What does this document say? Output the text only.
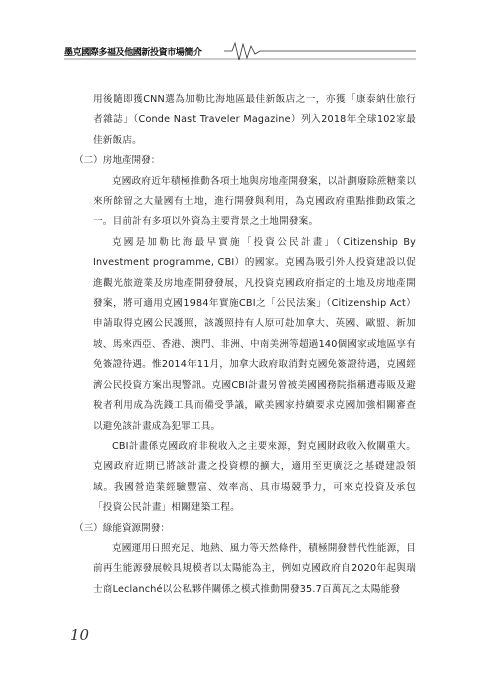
墨克國際多福及他國新投資市場簡介

用後隨即獲CNN選為加勒比海地區最佳新飯店之一，亦獲「康泰納仕旅行者雜誌」（Conde Nast Traveler Magazine）列入2018年全球102家最佳新飯店。

（二）房地產開發：

克國政府近年積極推動各項土地與房地產開發案，以計劃廢除蔗糖業以來所餘留之大量國有土地，進行開發與利用，為克國政府重點推動政策之一。目前計有多項以外資為主要背景之土地開發案。

克國是加勒比海最早實施「投資公民計畫」（Citizenship By Investment programme, CBI）的國家。克國為吸引外人投資建設以促進觀光旅遊業及房地產開發發展，凡投資克國政府指定的土地及房地產開發案，將可適用克國1984年實施CBI之「公民法案」（Citizenship Act）申請取得克國公民護照，該護照持有人原可赴加拿大、英國、歐盟、新加坡、馬來西亞、香港、澳門、非洲、中南美洲等超過140個國家或地區享有免簽證待遇。惟2014年11月，加拿大政府取消對克國免簽證待遇，克國經濟公民投資方案出現警訊。克國CBI計畫另曾被美國國務院指稱遭毒販及避稅者利用成為洗錢工具而備受爭議，歐美國家持續要求克國加強相關審查以避免該計畫成為犯罪工具。

CBI計畫係克國政府非稅收入之主要來源，對克國財政收入攸關重大。克國政府近期已將該計畫之投資標的擴大，適用至更廣泛之基礎建設領域。我國營造業經驗豐富、效率高、具市場競爭力，可來克投資及承包「投資公民計畫」相關建築工程。

（三）綠能資源開發：

克國運用日照充足、地熱、風力等天然條件，積極開發替代性能源，目前再生能源發展較具規模者以太陽能為主，例如克國政府自2020年起與瑞士商Leclanché以公私夥伴關係之模式推動開發35.7百萬瓦之太陽能發

10
